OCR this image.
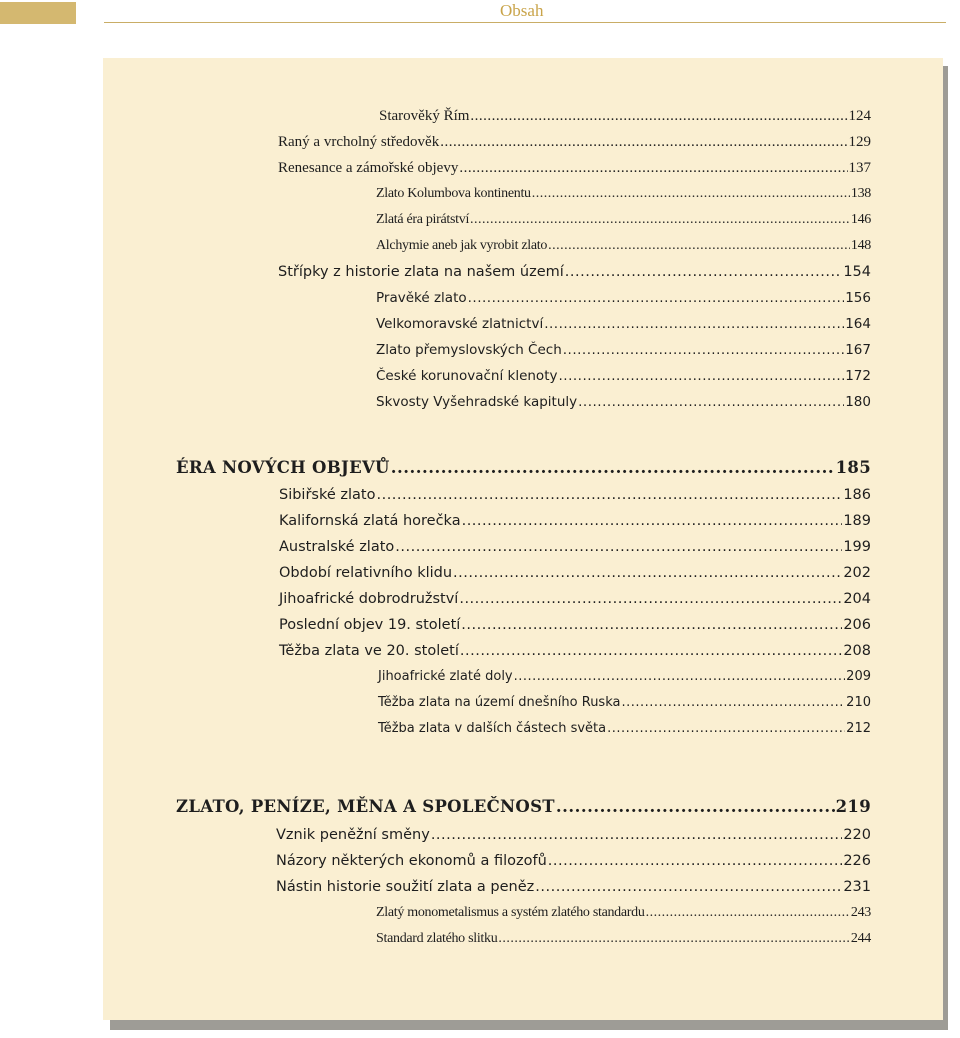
Obsah
Starověký Řím .....	124
Raný a vrcholný středověk .....	129
Renesance a zámořské objevy .....	137
Zlato Kolumbova kontinentu .....	138
Zlatá éra pirátství .....	146
Alchymie aneb jak vyrobit zlato .....	148
Střípky z historie zlata na našem území .....	154
Pravěké zlato .....	156
Velkomoravské zlatnictví .....	164
Zlato přemyslovských Čech .....	167
České korunovační klenoty .....	172
Skvosty Vyšehradské kapituly .....	180
ÉRA NOVÝCH OBJEVŮ .....	185
Sibiřské zlato .....	186
Kalifornská zlatá horečka .....	189
Australské zlato .....	199
Období relativního klidu .....	202
Jihoafrické dobrodružství .....	204
Poslední objev 19. století .....	206
Těžba zlata ve 20. století .....	208
Jihoafrické zlaté doly .....	209
Těžba zlata na území dnešního Ruska .....	210
Těžba zlata v dalších částech světa .....	212
ZLATO, PENÍZE, MĚNA A SPOLEČNOST .....	219
Vznik peněžní směny .....	220
Názory některých ekonomů a filozofů .....	226
Nástin historie soužití zlata a peněz .....	231
Zlatý monometalismus a systém zlatého standardu .....	243
Standard zlatého slitku .....	244
